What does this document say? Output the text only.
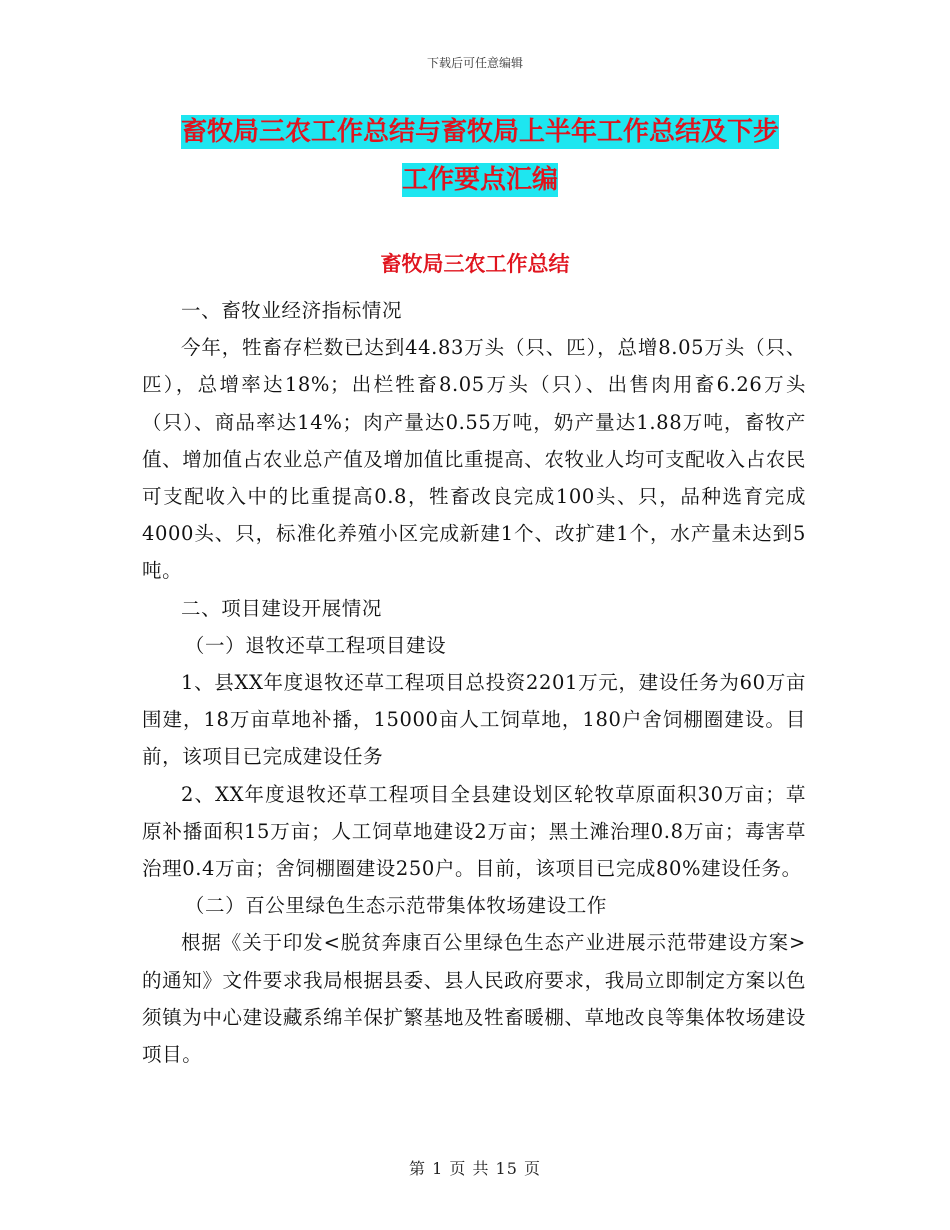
下载后可任意编辑
畜牧局三农工作总结与畜牧局上半年工作总结及下步
工作要点汇编
畜牧局三农工作总结

一、畜牧业经济指标情况

今年，牲畜存栏数已达到44.83万头（只、匹），总增8.05万头（只、匹），总增率达18%；出栏牲畜8.05万头（只）、出售肉用畜6.26万头（只）、商品率达14%；肉产量达0.55万吨，奶产量达1.88万吨，畜牧产值、增加值占农业总产值及增加值比重提高、农牧业人均可支配收入占农民可支配收入中的比重提高0.8，牲畜改良完成100头、只，品种选育完成4000头、只，标准化养殖小区完成新建1个、改扩建1个，水产量未达到5吨。

二、项目建设开展情况

（一）退牧还草工程项目建设

1、县XX年度退牧还草工程项目总投资2201万元，建设任务为60万亩围建，18万亩草地补播，15000亩人工饲草地，180户舍饲棚圈建设。目前，该项目已完成建设任务

2、XX年度退牧还草工程项目全县建设划区轮牧草原面积30万亩；草原补播面积15万亩；人工饲草地建设2万亩；黑土滩治理0.8万亩；毒害草治理0.4万亩；舍饲棚圈建设250户。目前，该项目已完成80%建设任务。

（二）百公里绿色生态示范带集体牧场建设工作

根据《关于印发<脱贫奔康百公里绿色生态产业进展示范带建设方案>的通知》文件要求我局根据县委、县人民政府要求，我局立即制定方案以色须镇为中心建设藏系绵羊保扩繁基地及牲畜暖棚、草地改良等集体牧场建设项目。

第 1 页 共 15 页
